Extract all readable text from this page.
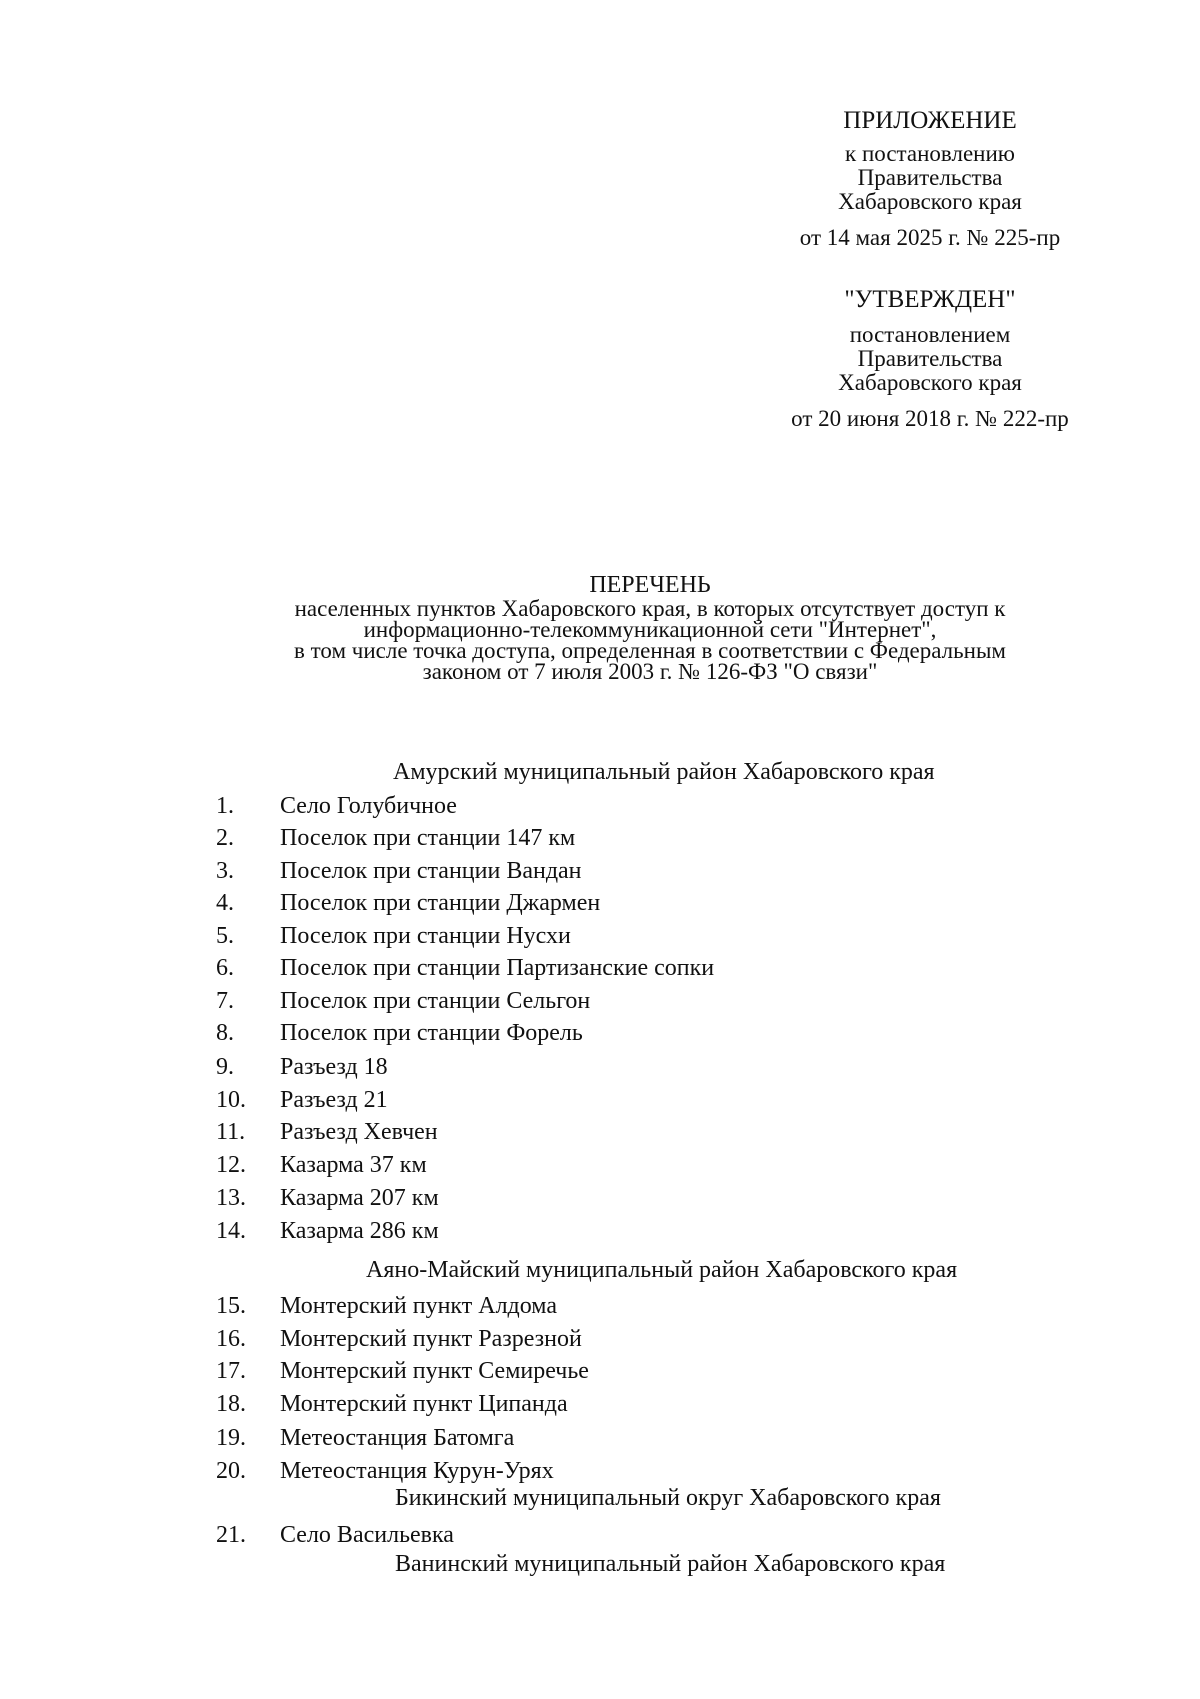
ПРИЛОЖЕНИЕ
к постановлению
Правительства
Хабаровского края
от 14 мая 2025 г. № 225-пр
"УТВЕРЖДЕН"
постановлением
Правительства
Хабаровского края
от 20 июня 2018 г. № 222-пр
ПЕРЕЧЕНЬ
населенных пунктов Хабаровского края, в которых отсутствует доступ к
информационно-телекоммуникационной сети "Интернет",
в том числе точка доступа, определенная в соответствии с Федеральным
законом от 7 июля 2003 г. № 126-ФЗ "О связи"
Амурский муниципальный район Хабаровского края
1.	Село Голубичное
2.	Поселок при станции 147 км
3.	Поселок при станции Вандан
4.	Поселок при станции Джармен
5.	Поселок при станции Нусхи
6.	Поселок при станции Партизанские сопки
7.	Поселок при станции Сельгон
8.	Поселок при станции Форель
9.	Разъезд 18
10.	Разъезд 21
11.	Разъезд Хевчен
12.	Казарма 37 км
13.	Казарма 207 км
14.	Казарма 286 км
Аяно-Майский муниципальный район Хабаровского края
15.	Монтерский пункт Алдома
16.	Монтерский пункт Разрезной
17.	Монтерский пункт Семиречье
18.	Монтерский пункт Ципанда
19.	Метеостанция Батомга
20.	Метеостанция Курун-Урях
Бикинский муниципальный округ Хабаровского края
21.	Село Васильевка
Ванинский муниципальный район Хабаровского края
